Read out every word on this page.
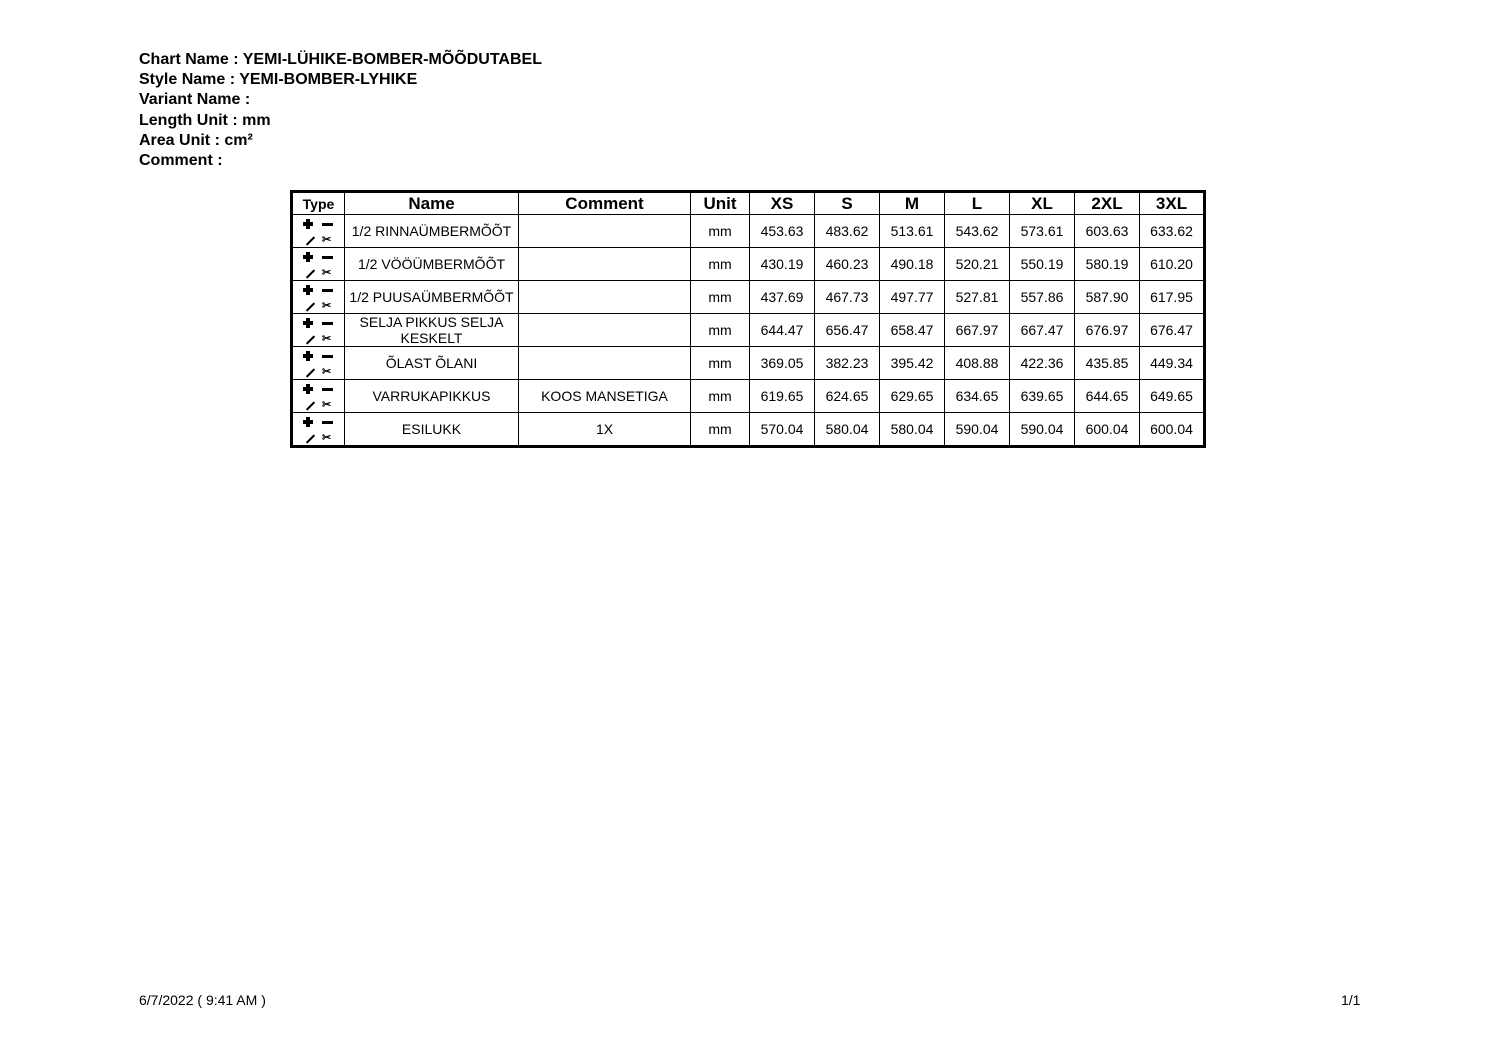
Chart Name : YEMI-LÜHIKE-BOMBER-MÕÕDUTABEL
Style Name : YEMI-BOMBER-LYHIKE
Variant Name :
Length Unit : mm
Area Unit : cm²
Comment :
Type	Name	Comment	Unit	XS	S	M	L	XL	2XL	3XL

✂	1/2 RINNAÜMBERMÕÕT		mm	453.63	483.62	513.61	543.62	573.61	603.63	633.62

✂	1/2 VÖÖÜMBERMÕÕT		mm	430.19	460.23	490.18	520.21	550.19	580.19	610.20

✂	1/2 PUUSAÜMBERMÕÕT		mm	437.69	467.73	497.77	527.81	557.86	587.90	617.95

✂	SELJA PIKKUS SELJA KESKELT		mm	644.47	656.47	658.47	667.97	667.47	676.97	676.47

✂	ÕLAST ÕLANI		mm	369.05	382.23	395.42	408.88	422.36	435.85	449.34

✂	VARRUKAPIKKUS	KOOS MANSETIGA	mm	619.65	624.65	629.65	634.65	639.65	644.65	649.65

✂	ESILUKK	1X	mm	570.04	580.04	580.04	590.04	590.04	600.04	600.04
6/7/2022 ( 9:41 AM )	1/1
